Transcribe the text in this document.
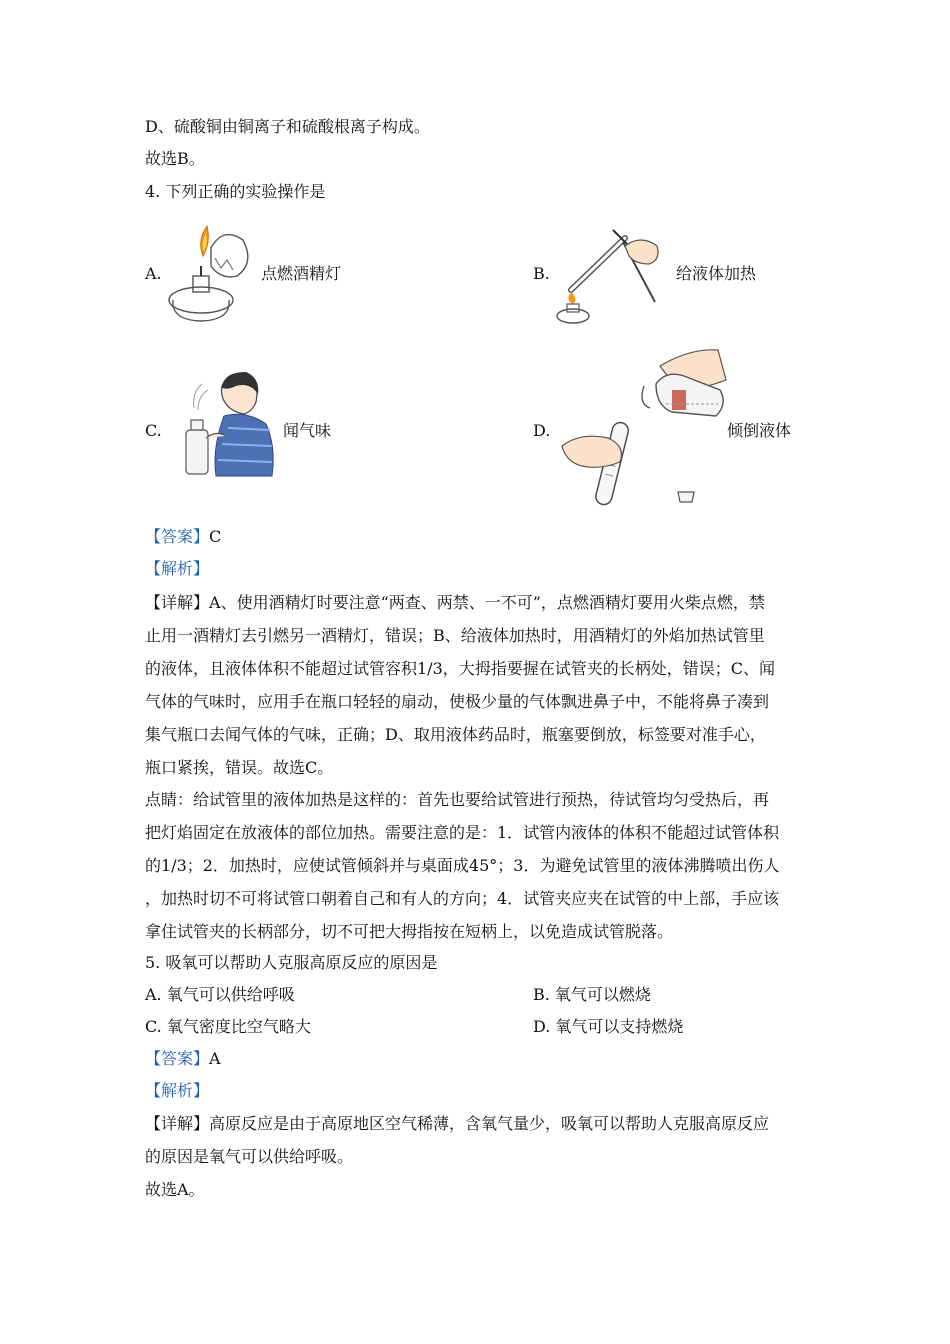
D、硫酸铜由铜离子和硫酸根离子构成。
故选B。
4. 下列正确的实验操作是
A.	点燃酒精灯	B.	给液体加热
C.	闻气味	D.	倾倒液体
【答案】C
【解析】
【详解】A、使用酒精灯时要注意“两查、两禁、一不可”，点燃酒精灯要用火柴点燃，禁
止用一酒精灯去引燃另一酒精灯，错误；B、给液体加热时，用酒精灯的外焰加热试管里
的液体，且液体体积不能超过试管容积1/3，大拇指要握在试管夹的长柄处，错误；C、闻
气体的气味时，应用手在瓶口轻轻的扇动，使极少量的气体飘进鼻子中，不能将鼻子凑到
集气瓶口去闻气体的气味，正确；D、取用液体药品时，瓶塞要倒放，标签要对准手心，
瓶口紧挨，错误。故选C。
点睛：给试管里的液体加热是这样的：首先也要给试管进行预热，待试管均匀受热后，再
把灯焰固定在放液体的部位加热。需要注意的是：1．试管内液体的体积不能超过试管体积
的1/3；2．加热时，应使试管倾斜并与桌面成45°；3．为避免试管里的液体沸腾喷出伤人
，加热时切不可将试管口朝着自己和有人的方向；4．试管夹应夹在试管的中上部，手应该
拿住试管夹的长柄部分，切不可把大拇指按在短柄上，以免造成试管脱落。
5. 吸氧可以帮助人克服高原反应的原因是
A. 氧气可以供给呼吸	B. 氧气可以燃烧
C. 氧气密度比空气略大	D. 氧气可以支持燃烧
【答案】A
【解析】
【详解】高原反应是由于高原地区空气稀薄，含氧气量少，吸氧可以帮助人克服高原反应
的原因是氧气可以供给呼吸。
故选A。
